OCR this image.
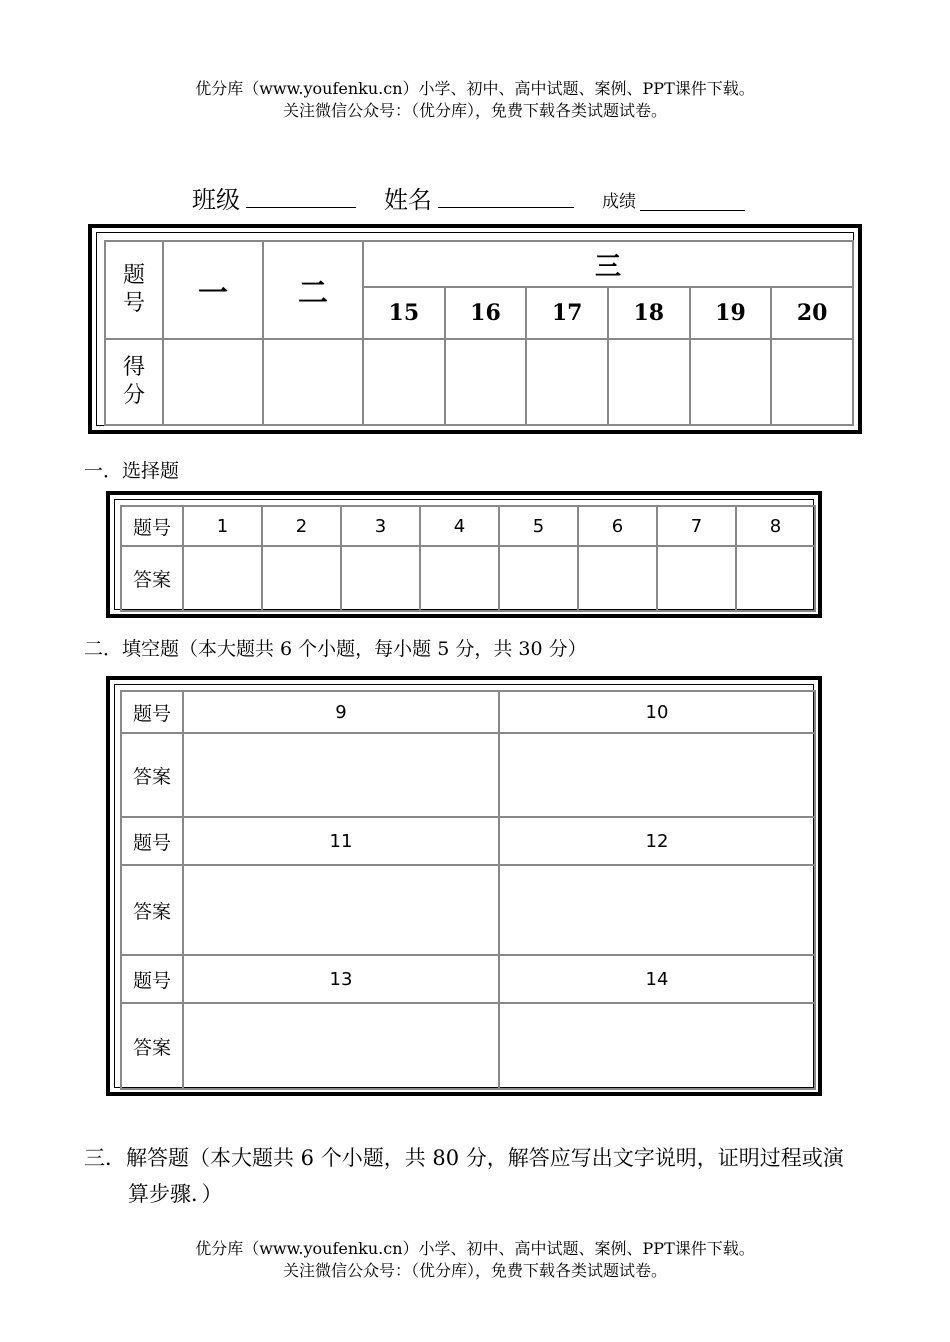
优分库（www.youfenku.cn）小学、初中、高中试题、案例、PPT课件下载。
关注微信公众号：（优分库），免费下载各类试题试卷。
班级	姓名	成绩
题号	一	二	三					
			15	16	17	18	19	20
得分								
一．选择题
题号	1	2	3	4	5	6	7	8
答案								
二．填空题（本大题共 6 个小题，每小题 5 分，共 30 分）
题号	9	10
答案		
题号	11	12
答案		
题号	13	14
答案		
三．解答题（本大题共 6 个小题，共 80 分，解答应写出文字说明，证明过程或演
算步骤．）
优分库（www.youfenku.cn）小学、初中、高中试题、案例、PPT课件下载。
关注微信公众号：（优分库），免费下载各类试题试卷。
